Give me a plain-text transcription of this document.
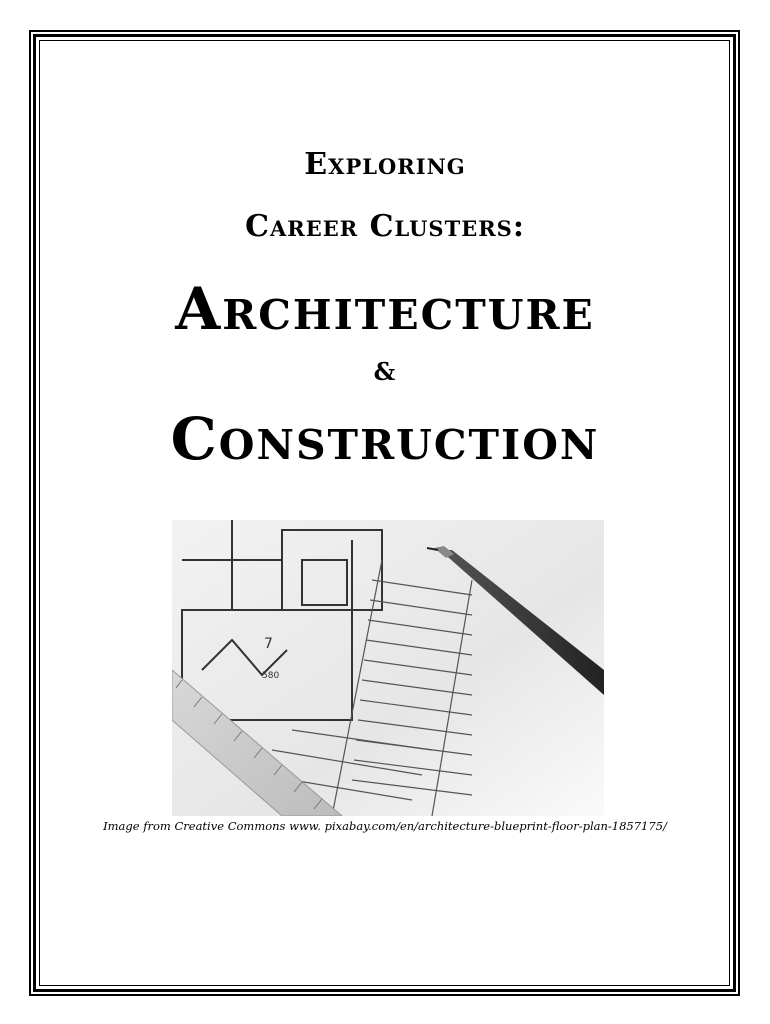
Exploring
Career Clusters:
Architecture
&
Construction
7
580
Image from Creative Commons www. pixabay.com/en/architecture-blueprint-floor-plan-1857175/
